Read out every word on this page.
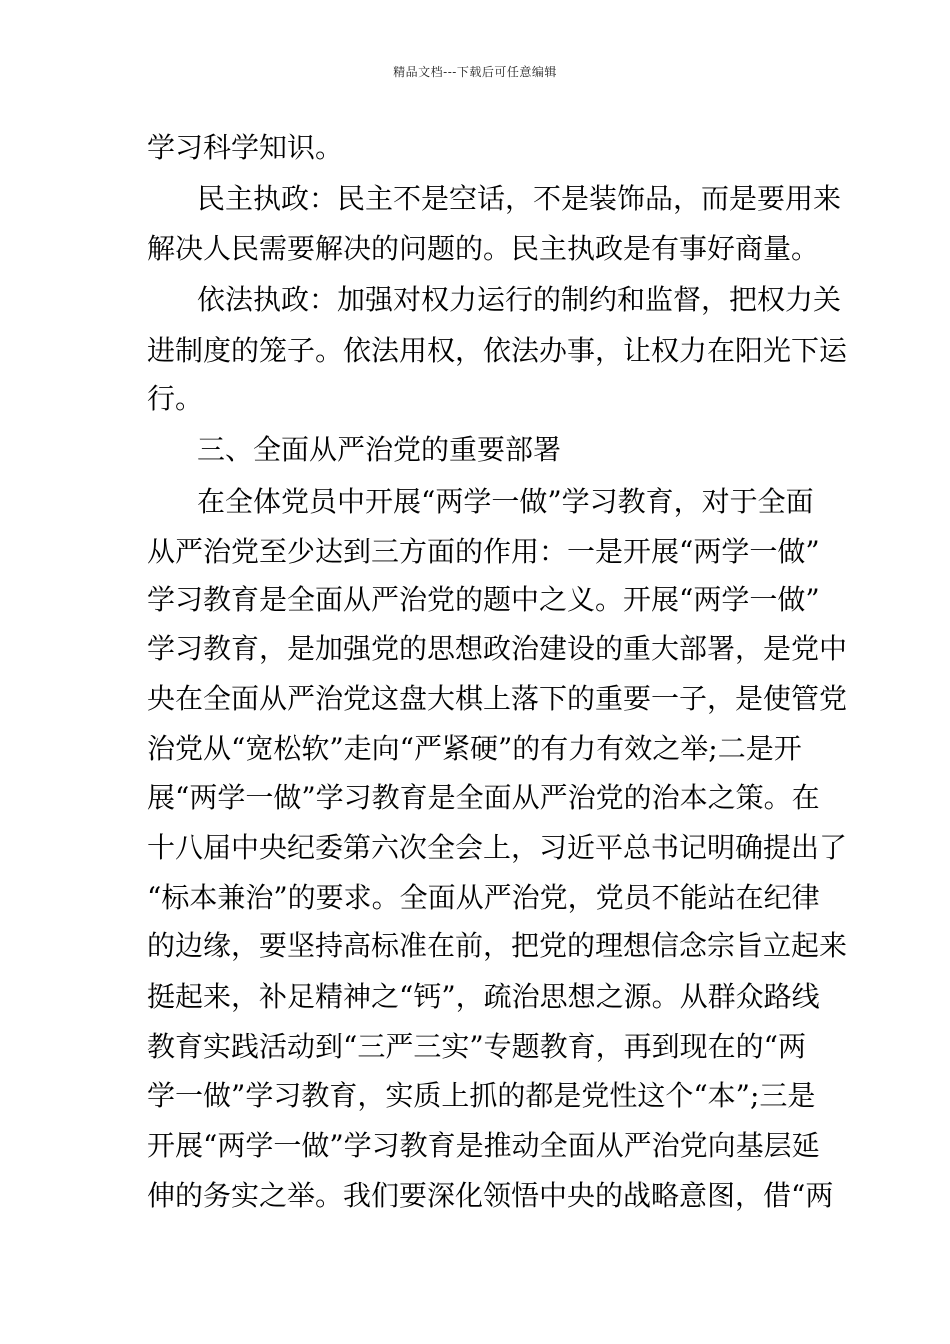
精品文档---下载后可任意编辑
学习科学知识。
民主执政：民主不是空话，不是装饰品，而是要用来
解决人民需要解决的问题的。民主执政是有事好商量。
依法执政：加强对权力运行的制约和监督，把权力关
进制度的笼子。依法用权，依法办事，让权力在阳光下运
行。
三、全面从严治党的重要部署
在全体党员中开展“两学一做”学习教育，对于全面
从严治党至少达到三方面的作用：一是开展“两学一做”
学习教育是全面从严治党的题中之义。开展“两学一做”
学习教育，是加强党的思想政治建设的重大部署，是党中
央在全面从严治党这盘大棋上落下的重要一子，是使管党
治党从“宽松软”走向“严紧硬”的有力有效之举;二是开
展“两学一做”学习教育是全面从严治党的治本之策。在
十八届中央纪委第六次全会上，习近平总书记明确提出了
“标本兼治”的要求。全面从严治党，党员不能站在纪律
的边缘，要坚持高标准在前，把党的理想信念宗旨立起来
挺起来，补足精神之“钙”，疏治思想之源。从群众路线
教育实践活动到“三严三实”专题教育，再到现在的“两
学一做”学习教育，实质上抓的都是党性这个“本”;三是
开展“两学一做”学习教育是推动全面从严治党向基层延
伸的务实之举。我们要深化领悟中央的战略意图，借“两
